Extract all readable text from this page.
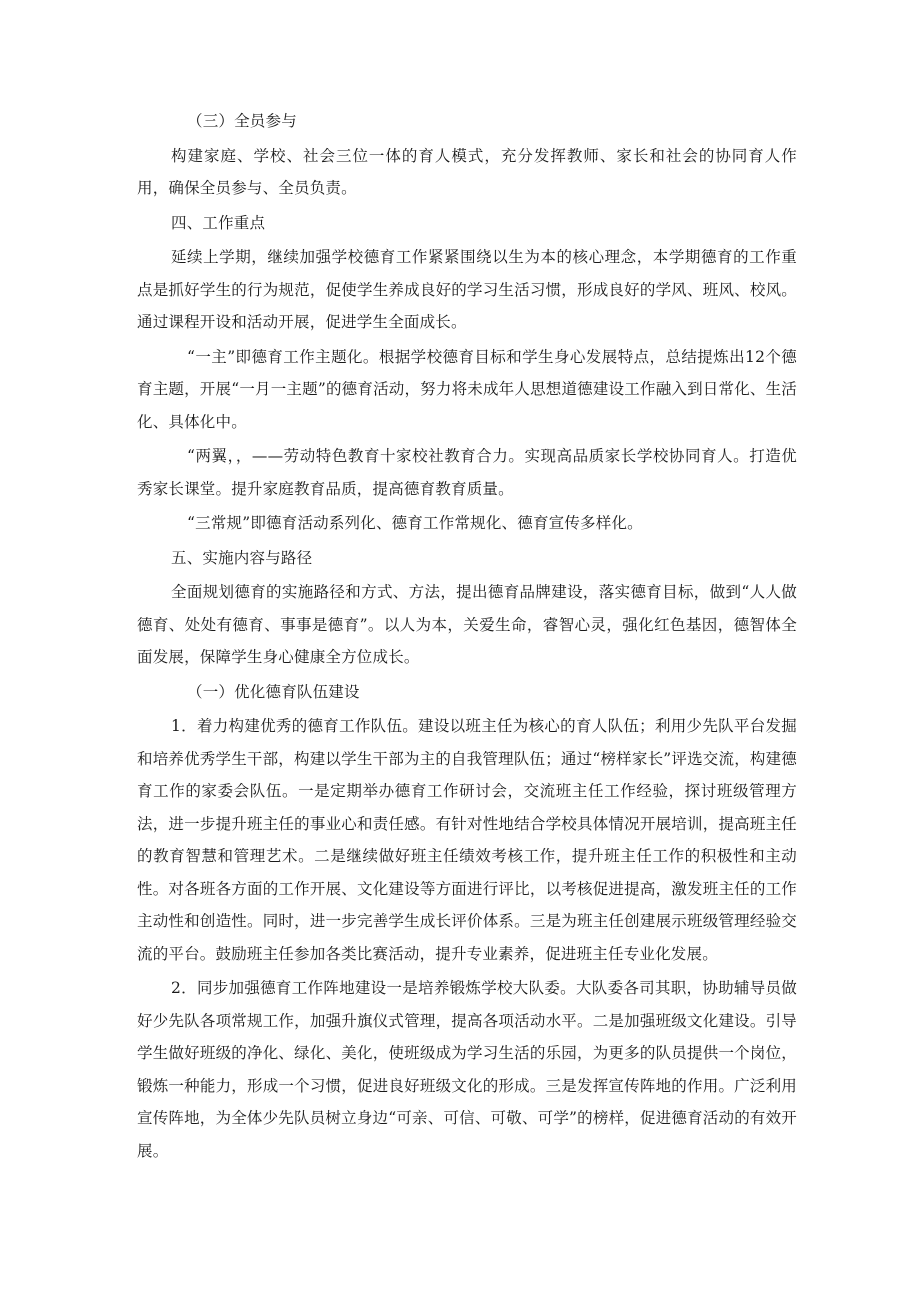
（三）全员参与

构建家庭、学校、社会三位一体的育人模式，充分发挥教师、家长和社会的协同育人作用，确保全员参与、全员负责。

四、工作重点

延续上学期，继续加强学校德育工作紧紧围绕以生为本的核心理念，本学期德育的工作重点是抓好学生的行为规范，促使学生养成良好的学习生活习惯，形成良好的学风、班风、校风。通过课程开设和活动开展，促进学生全面成长。

“一主”即德育工作主题化。根据学校德育目标和学生身心发展特点，总结提炼出12个德育主题，开展“一月一主题”的德育活动，努力将未成年人思想道德建设工作融入到日常化、生活化、具体化中。

“两翼，，——劳动特色教育十家校社教育合力。实现高品质家长学校协同育人。打造优秀家长课堂。提升家庭教育品质，提高德育教育质量。

“三常规”即德育活动系列化、德育工作常规化、德育宣传多样化。

五、实施内容与路径

全面规划德育的实施路径和方式、方法，提出德育品牌建设，落实德育目标，做到“人人做德育、处处有德育、事事是德育”。以人为本，关爱生命，睿智心灵，强化红色基因，德智体全面发展，保障学生身心健康全方位成长。

（一）优化德育队伍建设

1．着力构建优秀的德育工作队伍。建设以班主任为核心的育人队伍；利用少先队平台发掘和培养优秀学生干部，构建以学生干部为主的自我管理队伍；通过“榜样家长”评选交流，构建德育工作的家委会队伍。一是定期举办德育工作研讨会，交流班主任工作经验，探讨班级管理方法，进一步提升班主任的事业心和责任感。有针对性地结合学校具体情况开展培训，提高班主任的教育智慧和管理艺术。二是继续做好班主任绩效考核工作，提升班主任工作的积极性和主动性。对各班各方面的工作开展、文化建设等方面进行评比，以考核促进提高，激发班主任的工作主动性和创造性。同时，进一步完善学生成长评价体系。三是为班主任创建展示班级管理经验交流的平台。鼓励班主任参加各类比赛活动，提升专业素养，促进班主任专业化发展。

2．同步加强德育工作阵地建设一是培养锻炼学校大队委。大队委各司其职，协助辅导员做好少先队各项常规工作，加强升旗仪式管理，提高各项活动水平。二是加强班级文化建设。引导学生做好班级的净化、绿化、美化，使班级成为学习生活的乐园，为更多的队员提供一个岗位，锻炼一种能力，形成一个习惯，促进良好班级文化的形成。三是发挥宣传阵地的作用。广泛利用宣传阵地，为全体少先队员树立身边“可亲、可信、可敬、可学”的榜样，促进德育活动的有效开展。
